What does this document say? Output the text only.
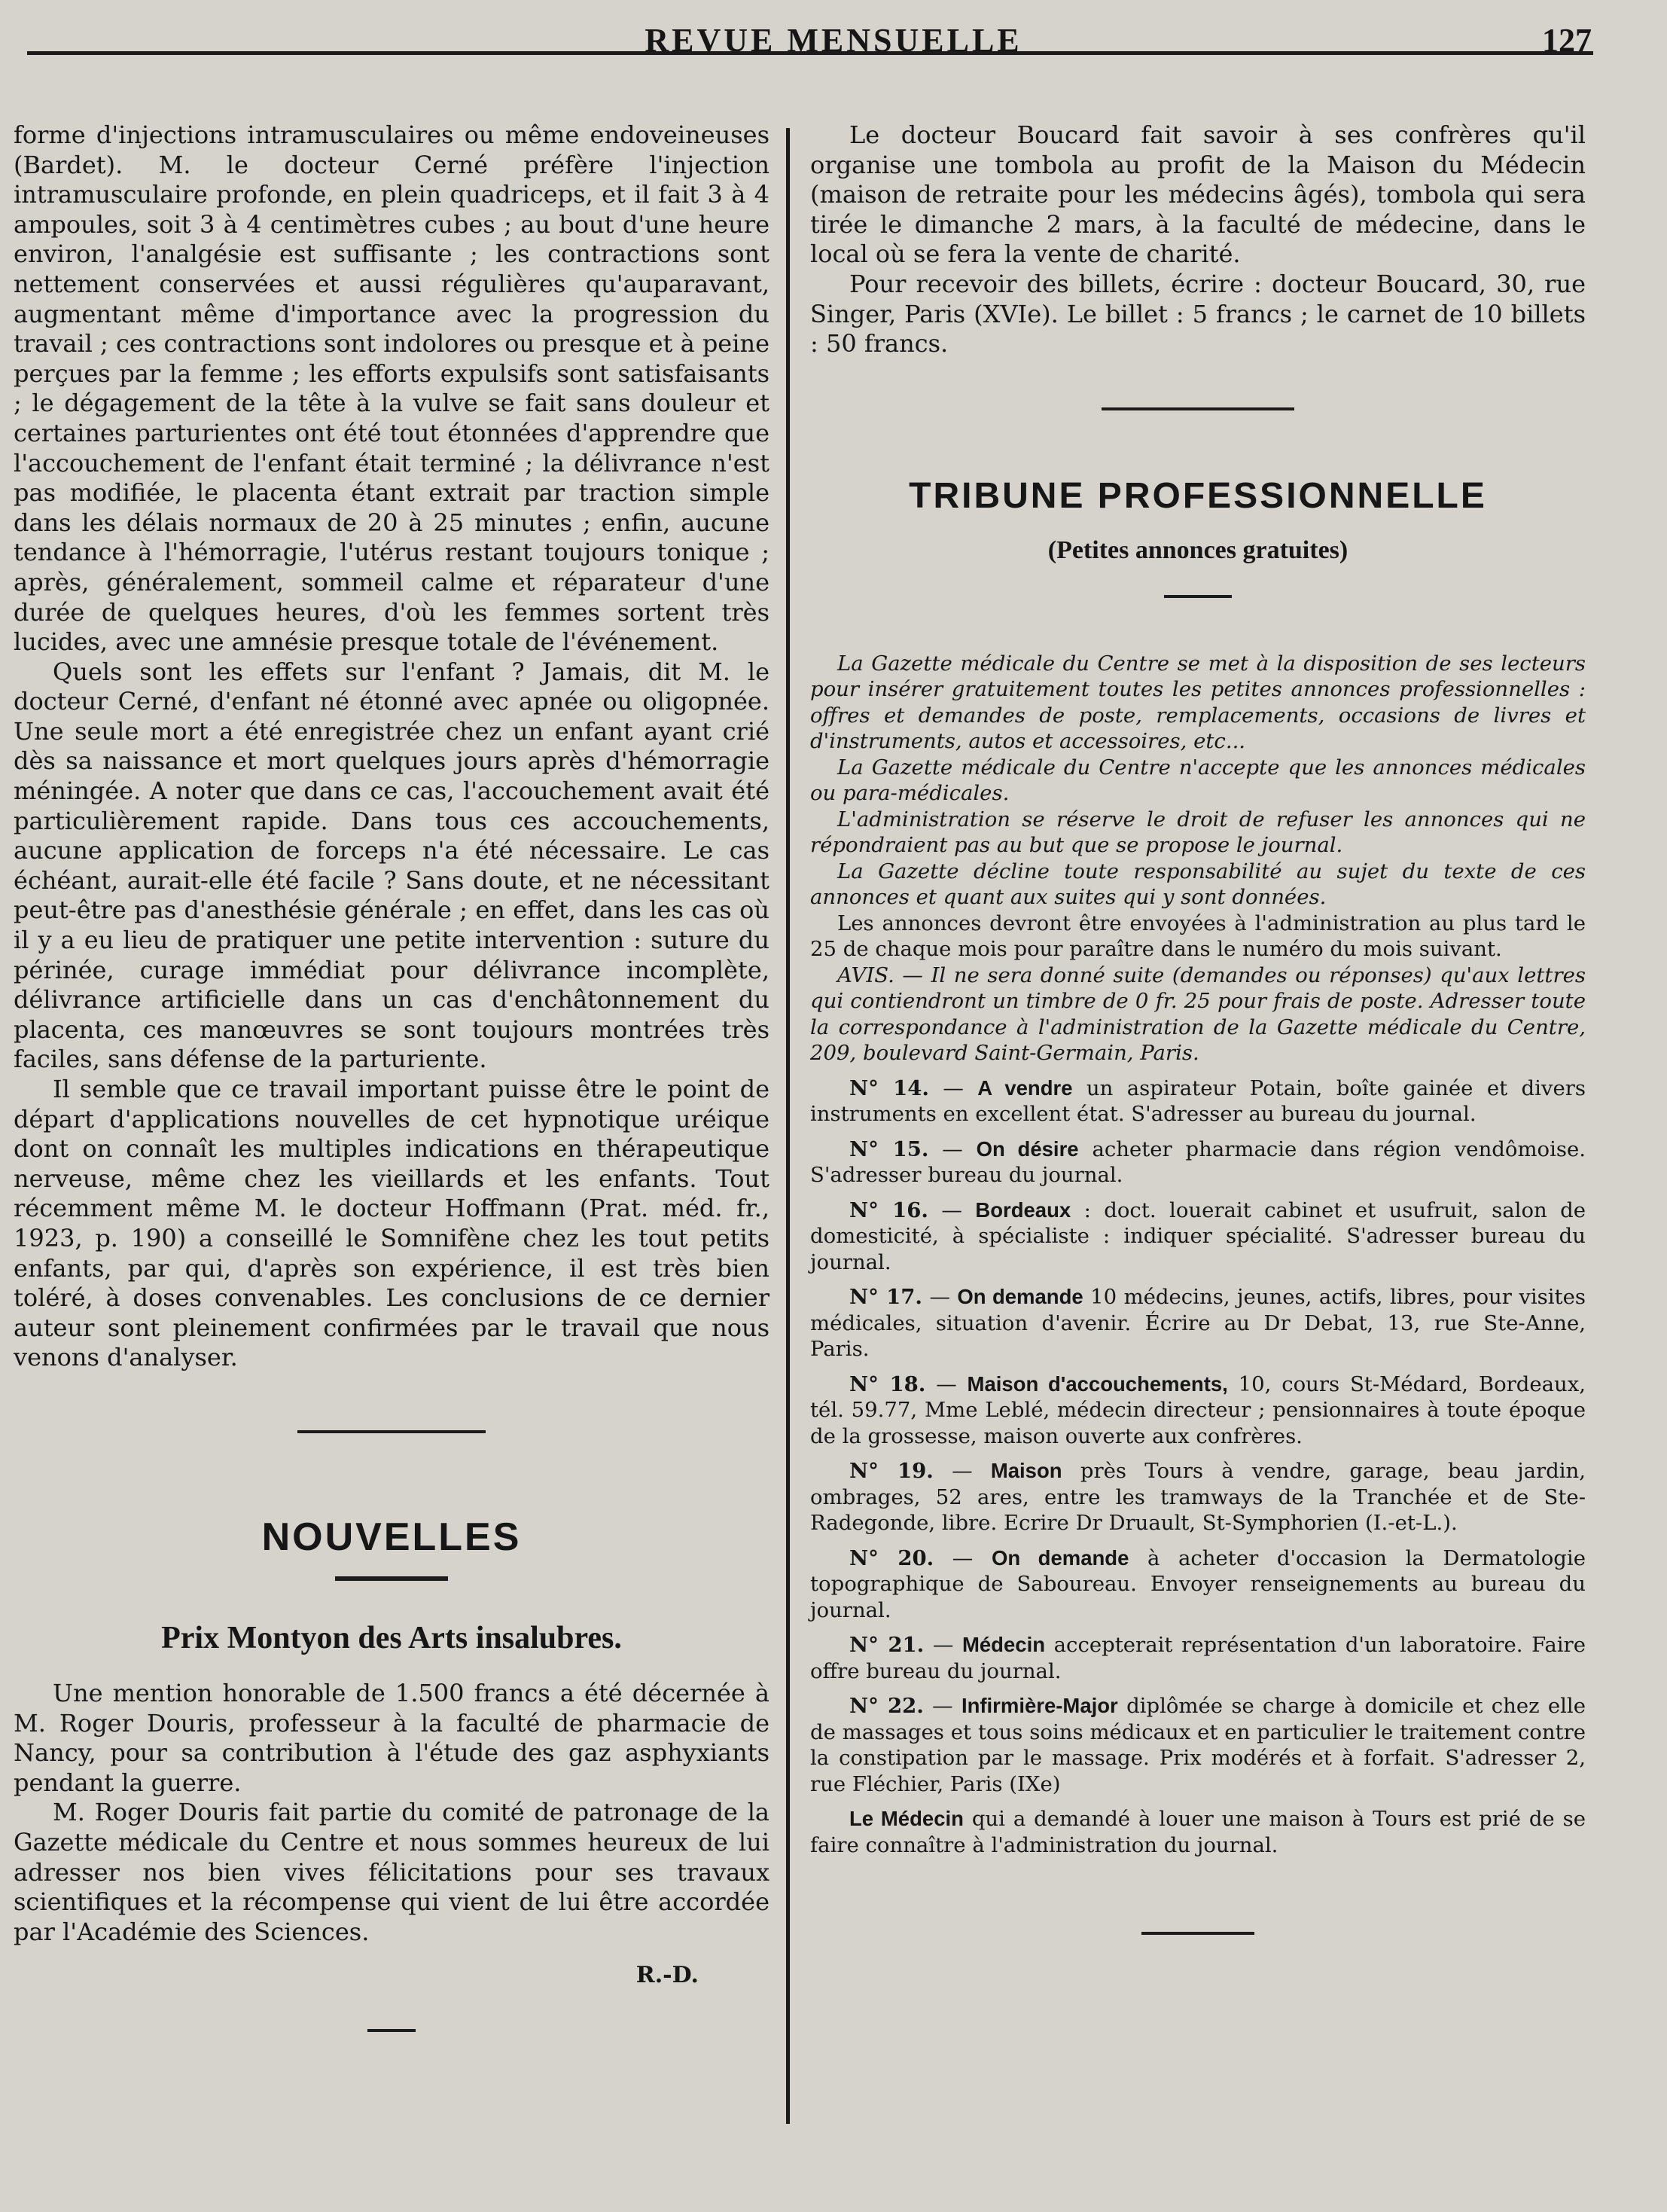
REVUE MENSUELLE	127

forme d'injections intramusculaires ou même endoveineuses (Bardet). M. le docteur Cerné préfère l'injection intramusculaire profonde, en plein quadriceps, et il fait 3 à 4 ampoules, soit 3 à 4 centimètres cubes ; au bout d'une heure environ, l'analgésie est suffisante ; les contractions sont nettement conservées et aussi régulières qu'auparavant, augmentant même d'importance avec la progression du travail ; ces contractions sont indolores ou presque et à peine perçues par la femme ; les efforts expulsifs sont satisfaisants ; le dégagement de la tête à la vulve se fait sans douleur et certaines parturientes ont été tout étonnées d'apprendre que l'accouchement de l'enfant était terminé ; la délivrance n'est pas modifiée, le placenta étant extrait par traction simple dans les délais normaux de 20 à 25 minutes ; enfin, aucune tendance à l'hémorragie, l'utérus restant toujours tonique ; après, généralement, sommeil calme et réparateur d'une durée de quelques heures, d'où les femmes sortent très lucides, avec une amnésie presque totale de l'événement.

Quels sont les effets sur l'enfant ? Jamais, dit M. le docteur Cerné, d'enfant né étonné avec apnée ou oligopnée. Une seule mort a été enregistrée chez un enfant ayant crié dès sa naissance et mort quelques jours après d'hémorragie méningée. A noter que dans ce cas, l'accouchement avait été particulièrement rapide. Dans tous ces accouchements, aucune application de forceps n'a été nécessaire. Le cas échéant, aurait-elle été facile ? Sans doute, et ne nécessitant peut-être pas d'anesthésie générale ; en effet, dans les cas où il y a eu lieu de pratiquer une petite intervention : suture du périnée, curage immédiat pour délivrance incomplète, délivrance artificielle dans un cas d'enchâtonnement du placenta, ces manœuvres se sont toujours montrées très faciles, sans défense de la parturiente.

Il semble que ce travail important puisse être le point de départ d'applications nouvelles de cet hypnotique uréique dont on connaît les multiples indications en thérapeutique nerveuse, même chez les vieillards et les enfants. Tout récemment même M. le docteur Hoffmann (Prat. méd. fr., 1923, p. 190) a conseillé le Somnifène chez les tout petits enfants, par qui, d'après son expérience, il est très bien toléré, à doses convenables. Les conclusions de ce dernier auteur sont pleinement confirmées par le travail que nous venons d'analyser.

NOUVELLES
Prix Montyon des Arts insalubres.

Une mention honorable de 1.500 francs a été décernée à M. Roger Douris, professeur à la faculté de pharmacie de Nancy, pour sa contribution à l'étude des gaz asphyxiants pendant la guerre.

M. Roger Douris fait partie du comité de patronage de la Gazette médicale du Centre et nous sommes heureux de lui adresser nos bien vives félicitations pour ses travaux scientifiques et la récompense qui vient de lui être accordée par l'Académie des Sciences.

R.-D.

Le docteur Boucard fait savoir à ses confrères qu'il organise une tombola au profit de la Maison du Médecin (maison de retraite pour les médecins âgés), tombola qui sera tirée le dimanche 2 mars, à la faculté de médecine, dans le local où se fera la vente de charité.

Pour recevoir des billets, écrire : docteur Boucard, 30, rue Singer, Paris (XVIe). Le billet : 5 francs ; le carnet de 10 billets : 50 francs.

TRIBUNE PROFESSIONNELLE
(Petites annonces gratuites)

La Gazette médicale du Centre se met à la disposition de ses lecteurs pour insérer gratuitement toutes les petites annonces professionnelles : offres et demandes de poste, remplacements, occasions de livres et d'instruments, autos et accessoires, etc...

La Gazette médicale du Centre n'accepte que les annonces médicales ou para-médicales.

L'administration se réserve le droit de refuser les annonces qui ne répondraient pas au but que se propose le journal.

La Gazette décline toute responsabilité au sujet du texte de ces annonces et quant aux suites qui y sont données.

Les annonces devront être envoyées à l'administration au plus tard le 25 de chaque mois pour paraître dans le numéro du mois suivant.

AVIS. — Il ne sera donné suite (demandes ou réponses) qu'aux lettres qui contiendront un timbre de 0 fr. 25 pour frais de poste. Adresser toute la correspondance à l'administration de la Gazette médicale du Centre, 209, boulevard Saint-Germain, Paris.

N° 14. — A vendre un aspirateur Potain, boîte gainée et divers instruments en excellent état. S'adresser au bureau du journal.

N° 15. — On désire acheter pharmacie dans région vendômoise. S'adresser bureau du journal.

N° 16. — Bordeaux : doct. louerait cabinet et usufruit, salon de domesticité, à spécialiste : indiquer spécialité. S'adresser bureau du journal.

N° 17. — On demande 10 médecins, jeunes, actifs, libres, pour visites médicales, situation d'avenir. Écrire au Dr Debat, 13, rue Ste-Anne, Paris.

N° 18. — Maison d'accouchements, 10, cours St-Médard, Bordeaux, tél. 59.77, Mme Leblé, médecin directeur ; pensionnaires à toute époque de la grossesse, maison ouverte aux confrères.

N° 19. — Maison près Tours à vendre, garage, beau jardin, ombrages, 52 ares, entre les tramways de la Tranchée et de Ste-Radegonde, libre. Ecrire Dr Druault, St-Symphorien (I.-et-L.).

N° 20. — On demande à acheter d'occasion la Dermatologie topographique de Saboureau. Envoyer renseignements au bureau du journal.

N° 21. — Médecin accepterait représentation d'un laboratoire. Faire offre bureau du journal.

N° 22. — Infirmière-Major diplômée se charge à domicile et chez elle de massages et tous soins médicaux et en particulier le traitement contre la constipation par le massage. Prix modérés et à forfait. S'adresser 2, rue Fléchier, Paris (IXe)

Le Médecin qui a demandé à louer une maison à Tours est prié de se faire connaître à l'administration du journal.
